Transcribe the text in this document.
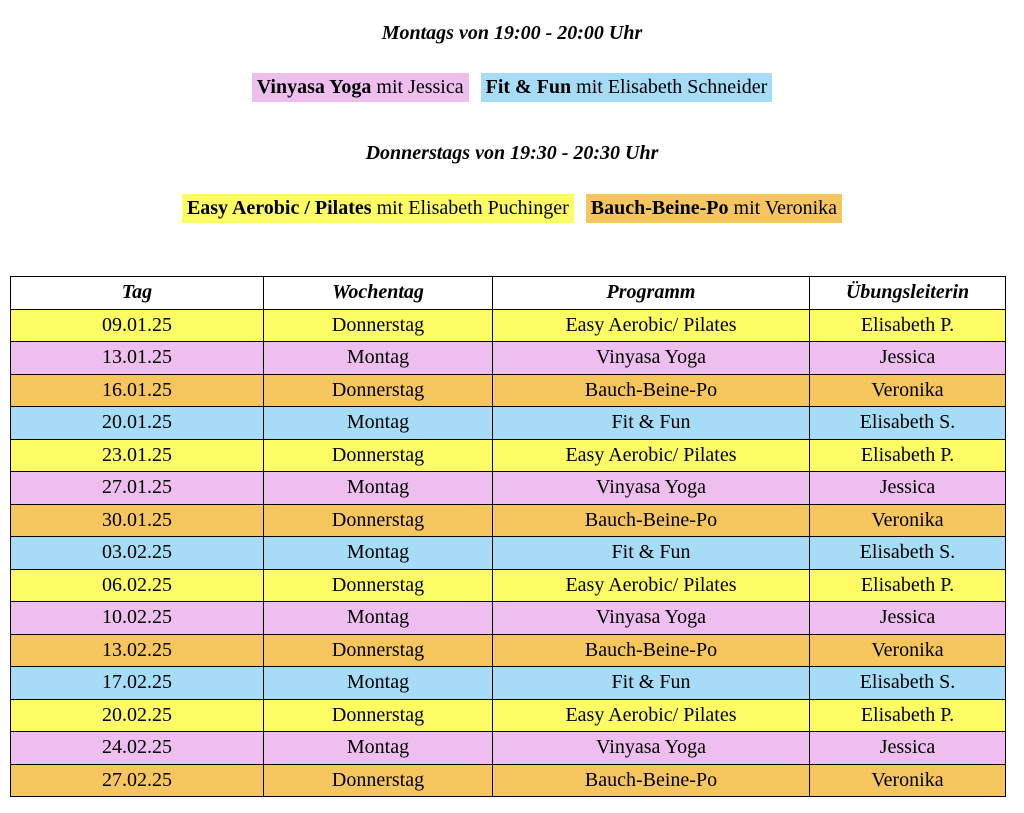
Montags von 19:00 - 20:00 Uhr
Vinyasa Yoga mit Jessica Fit & Fun mit Elisabeth Schneider
Donnerstags von 19:30 - 20:30 Uhr
Easy Aerobic / Pilates mit Elisabeth Puchinger Bauch-Beine-Po mit Veronika
Tag	Wochentag	Programm	Übungsleiterin
09.01.25	Donnerstag	Easy Aerobic/ Pilates	Elisabeth P.
13.01.25	Montag	Vinyasa Yoga	Jessica
16.01.25	Donnerstag	Bauch-Beine-Po	Veronika
20.01.25	Montag	Fit & Fun	Elisabeth S.
23.01.25	Donnerstag	Easy Aerobic/ Pilates	Elisabeth P.
27.01.25	Montag	Vinyasa Yoga	Jessica
30.01.25	Donnerstag	Bauch-Beine-Po	Veronika
03.02.25	Montag	Fit & Fun	Elisabeth S.
06.02.25	Donnerstag	Easy Aerobic/ Pilates	Elisabeth P.
10.02.25	Montag	Vinyasa Yoga	Jessica
13.02.25	Donnerstag	Bauch-Beine-Po	Veronika
17.02.25	Montag	Fit & Fun	Elisabeth S.
20.02.25	Donnerstag	Easy Aerobic/ Pilates	Elisabeth P.
24.02.25	Montag	Vinyasa Yoga	Jessica
27.02.25	Donnerstag	Bauch-Beine-Po	Veronika
